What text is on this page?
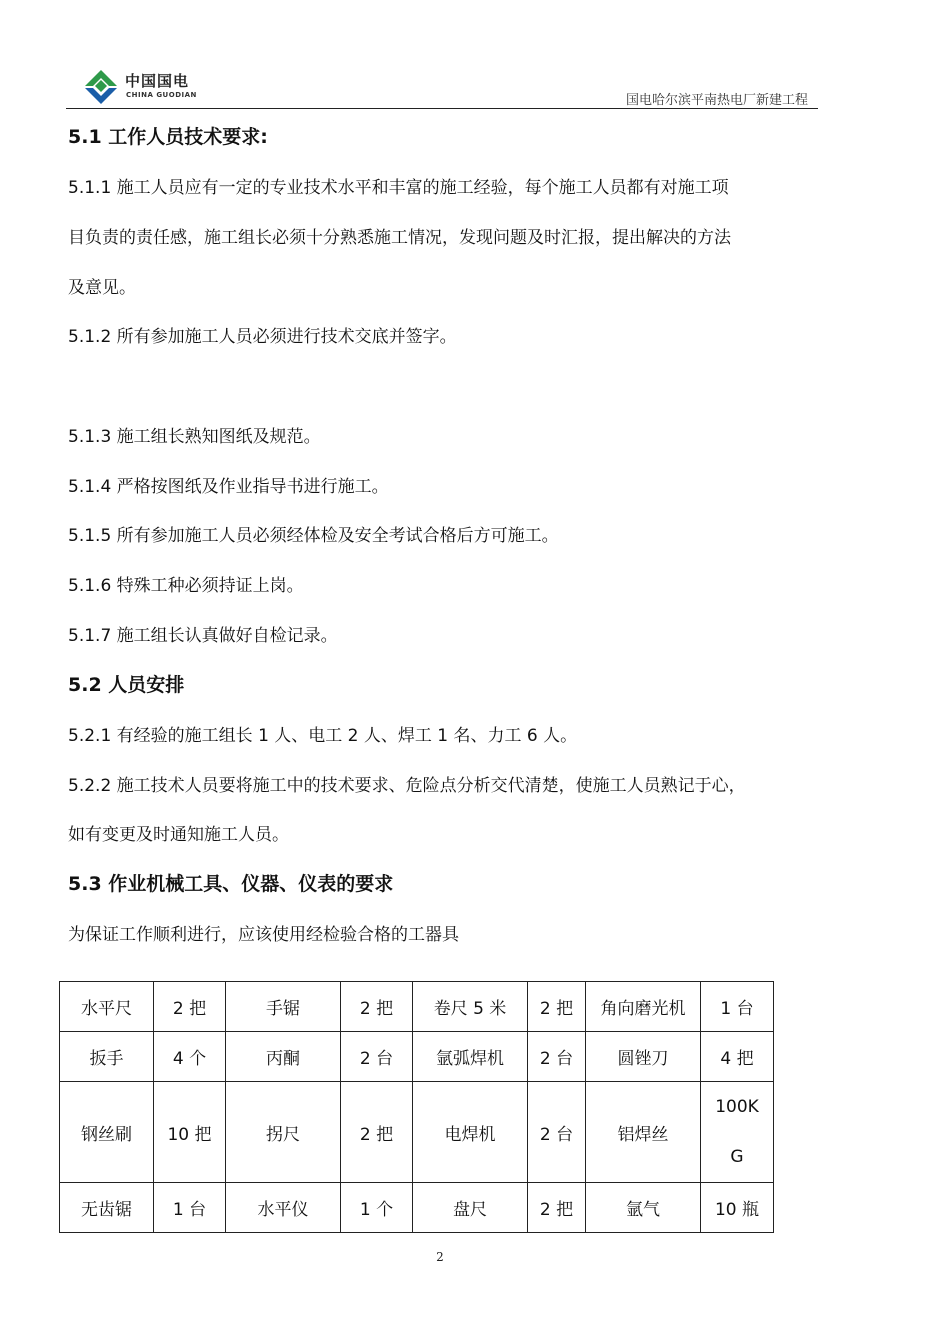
中国国电
CHINA GUODIAN	国电哈尔滨平南热电厂新建工程
5.1 工作人员技术要求:
5.1.1 施工人员应有一定的专业技术水平和丰富的施工经验，每个施工人员都有对施工项
目负责的责任感，施工组长必须十分熟悉施工情况，发现问题及时汇报，提出解决的方法
及意见。
5.1.2 所有参加施工人员必须进行技术交底并签字。
5.1.3 施工组长熟知图纸及规范。
5.1.4 严格按图纸及作业指导书进行施工。
5.1.5 所有参加施工人员必须经体检及安全考试合格后方可施工。
5.1.6 特殊工种必须持证上岗。
5.1.7 施工组长认真做好自检记录。
5.2 人员安排
5.2.1 有经验的施工组长 1 人、电工 2 人、焊工 1 名、力工 6 人。
5.2.2 施工技术人员要将施工中的技术要求、危险点分析交代清楚，使施工人员熟记于心，
如有变更及时通知施工人员。
5.3 作业机械工具、仪器、仪表的要求
为保证工作顺利进行，应该使用经检验合格的工器具
水平尺	2 把	手锯	2 把	卷尺 5 米	2 把	角向磨光机	1 台
扳手	4 个	丙酮	2 台	氩弧焊机	2 台	圆锉刀	4 把
钢丝刷	10 把	拐尺	2 把	电焊机	2 台	铝焊丝	100KG

无齿锯	1 台	水平仪	1 个	盘尺	2 把	氩气	10 瓶
2
